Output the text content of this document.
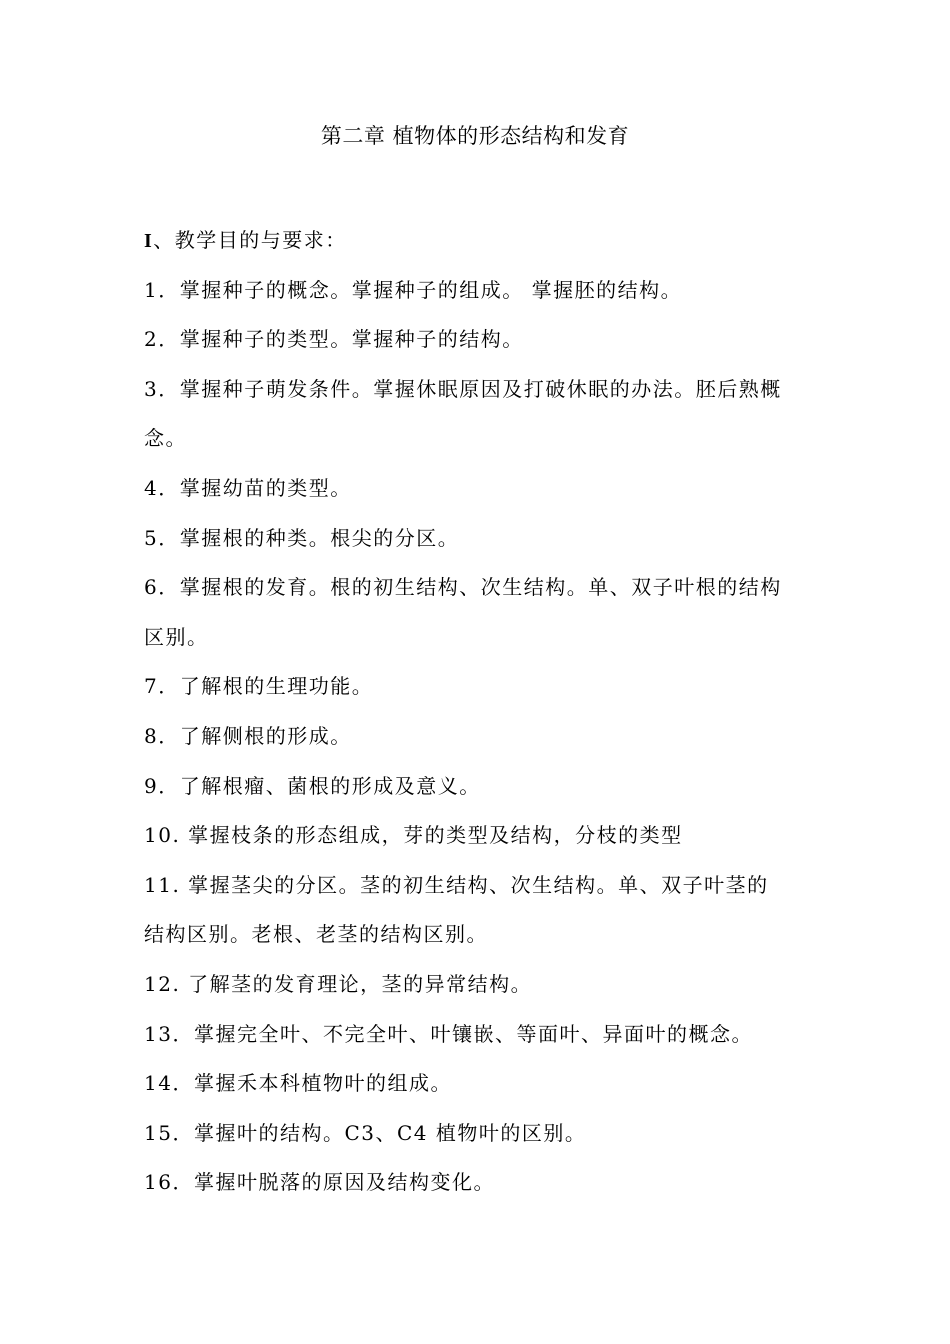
第二章 植物体的形态结构和发育
I、教学目的与要求：
1．掌握种子的概念。掌握种子的组成。 掌握胚的结构。
2．掌握种子的类型。掌握种子的结构。
3．掌握种子萌发条件。掌握休眠原因及打破休眠的办法。胚后熟概
念。
4．掌握幼苗的类型。
5．掌握根的种类。根尖的分区。
6．掌握根的发育。根的初生结构、次生结构。单、双子叶根的结构
区别。
7．了解根的生理功能。
8．了解侧根的形成。
9．了解根瘤、菌根的形成及意义。
10. 掌握枝条的形态组成，芽的类型及结构，分枝的类型
11. 掌握茎尖的分区。茎的初生结构、次生结构。单、双子叶茎的
结构区别。老根、老茎的结构区别。
12. 了解茎的发育理论，茎的异常结构。
13．掌握完全叶、不完全叶、叶镶嵌、等面叶、异面叶的概念。
14．掌握禾本科植物叶的组成。
15．掌握叶的结构。C3、C4 植物叶的区别。
16．掌握叶脱落的原因及结构变化。
